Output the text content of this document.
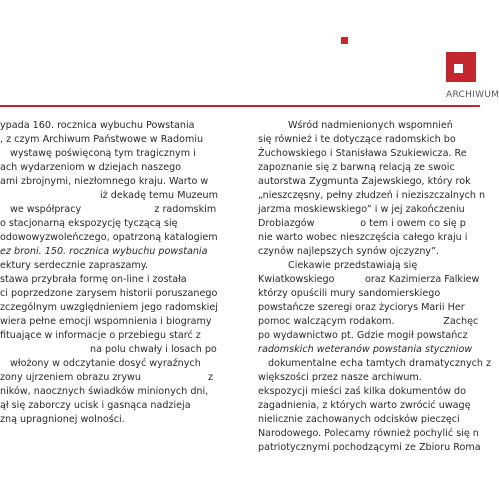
ARCHIWUM
ypada 160. rocznica wybuchu Powstania
, z czym Archiwum Państwowe w Radomiu
wystawę poświęconą tym tragicznym i
ach wydarzeniom w dziejach naszego
ami zbrojnymi, niezłomnego kraju. Warto w
iż dekadę temu Muzeum
we współpracy                        z radomskim
o stacjonarną ekspozycję tyczącą się
odowowyzwoleńczego, opatrzoną katalogiem
ez broni. 150. rocznica wybuchu powstania
ektury serdecznie zapraszamy.
stawa przybrała formę on-line i została
ci poprzedzone zarysem historii poruszanego
zczególnym uwzględnieniem jego radomskiej
wiera pełne emocji wspomnienia i biogramy
fituające w informacje o przebiegu starć z
na polu chwały i losach po
włożony w odczytanie dosyć wyraźnych
zony ujrzeniem obrazu zrywu                      z
ników, naocznych świadków minionych dni,
ął się zaborczy ucisk i gasnąca nadzieja
zną upragnionej wolności.
Wśród nadmienionych wspomnień
się również i te dotyczące radomskich bo
Żuchowskiego i Stanisława Szukiewicza. Re
zapoznanie się z barwną relacją ze swoic
autorstwa Zygmunta Zajewskiego, który rok
„nieszczęsny, pełny złudzeń i nieziszczalnych n
jarzma moskiewskiego” i w jej zakończeniu
Drobiazgów               o tem i owem co się p
nie warto wobec nieszczęścia całego kraju i
czynów najlepszych synów ojczyzny”.
Ciekawie przedstawiają się
Kwiatkowskiego          oraz Kazimierza Falkiew
którzy opuścili mury sandomierskiego
powstańcze szeregi oraz życiorys Marii Her
pomoc walczącym rodakom.                Zachęc
po wydawnictwo pt. Gdzie mogił powstańcz
radomskich weteranów powstania styczniow
dokumentalne echa tamtych dramatycznych z
większości przez nasze archiwum.
ekspozycji mieści zaś kilka dokumentów do
zagadnienia, z których warto zwrócić uwagę
nielicznie zachowanych odcisków pieczęci
Narodowego. Polecamy również pochylić się n
patriotycznymi pochodzącymi ze Zbioru Roma
